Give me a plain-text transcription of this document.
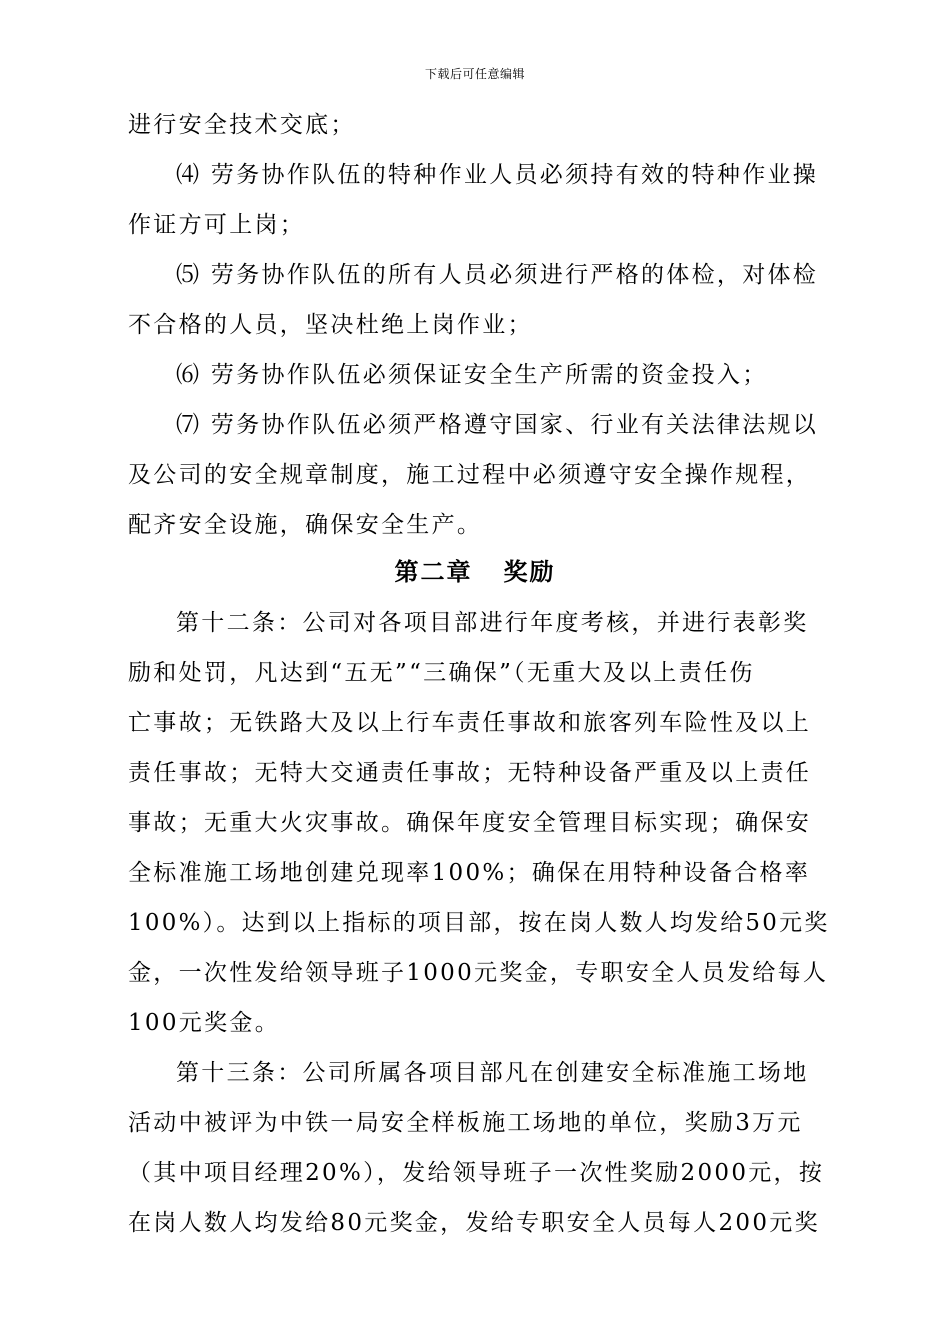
下载后可任意编辑
进行安全技术交底；
⑷ 劳务协作队伍的特种作业人员必须持有效的特种作业操
作证方可上岗；
⑸ 劳务协作队伍的所有人员必须进行严格的体检，对体检
不合格的人员，坚决杜绝上岗作业；
⑹ 劳务协作队伍必须保证安全生产所需的资金投入；
⑺ 劳务协作队伍必须严格遵守国家、行业有关法律法规以
及公司的安全规章制度，施工过程中必须遵守安全操作规程，
配齐安全设施，确保安全生产。
第二章   奖励
第十二条：公司对各项目部进行年度考核，并进行表彰奖
励和处罚，凡达到“五无”“三确保”（无重大及以上责任伤
亡事故；无铁路大及以上行车责任事故和旅客列车险性及以上
责任事故；无特大交通责任事故；无特种设备严重及以上责任
事故；无重大火灾事故。确保年度安全管理目标实现；确保安
全标准施工场地创建兑现率100%；确保在用特种设备合格率
100%）。达到以上指标的项目部，按在岗人数人均发给50元奖
金，一次性发给领导班子1000元奖金，专职安全人员发给每人
100元奖金。
第十三条：公司所属各项目部凡在创建安全标准施工场地
活动中被评为中铁一局安全样板施工场地的单位，奖励3万元
（其中项目经理20%），发给领导班子一次性奖励2000元，按
在岗人数人均发给80元奖金，发给专职安全人员每人200元奖
